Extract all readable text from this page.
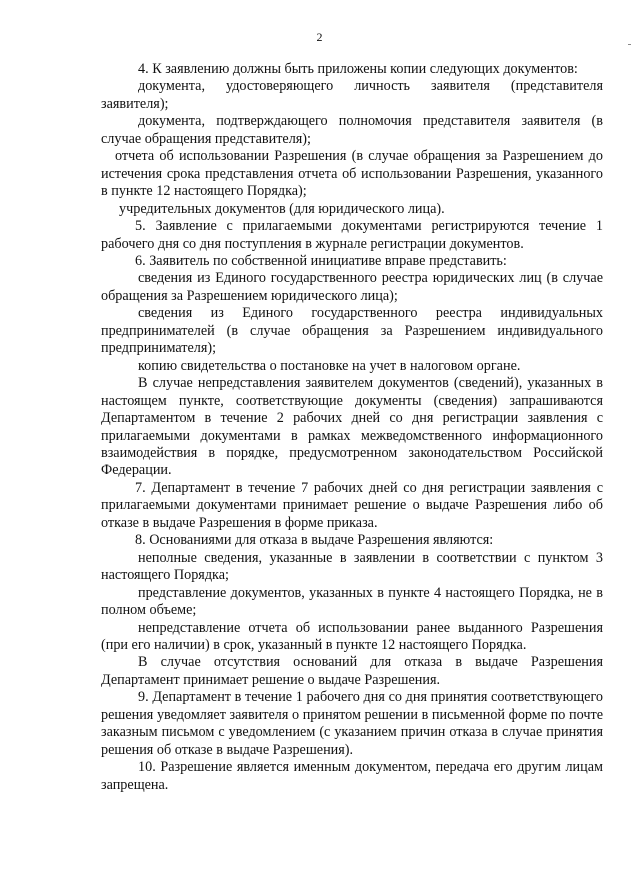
2

4. К заявлению должны быть приложены копии следующих документов:

документа, удостоверяющего личность заявителя (представителя заявителя);

документа, подтверждающего полномочия представителя заявителя (в случае обращения представителя);

отчета об использовании Разрешения (в случае обращения за Разрешением до истечения срока представления отчета об использовании Разрешения, указанного в пункте 12 настоящего Порядка);

учредительных документов (для юридического лица).

5. Заявление с прилагаемыми документами регистрируются течение 1 рабочего дня со дня поступления в журнале регистрации документов.

6. Заявитель по собственной инициативе вправе представить:

сведения из Единого государственного реестра юридических лиц (в случае обращения за Разрешением юридического лица);

сведения из Единого государственного реестра индивидуальных предпринимателей (в случае обращения за Разрешением индивидуального предпринимателя);

копию свидетельства о постановке на учет в налоговом органе.

В случае непредставления заявителем документов (сведений), указанных в настоящем пункте, соответствующие документы (сведения) запрашиваются Департаментом в течение 2 рабочих дней со дня регистрации заявления с прилагаемыми документами в рамках межведомственного информационного взаимодействия в порядке, предусмотренном законодательством Российской Федерации.

7. Департамент в течение 7 рабочих дней со дня регистрации заявления с прилагаемыми документами принимает решение о выдаче Разрешения либо об отказе в выдаче Разрешения в форме приказа.

8. Основаниями для отказа в выдаче Разрешения являются:

неполные сведения, указанные в заявлении в соответствии с пунктом 3 настоящего Порядка;

представление документов, указанных в пункте 4 настоящего Порядка, не в полном объеме;

непредставление отчета об использовании ранее выданного Разрешения (при его наличии) в срок, указанный в пункте 12 настоящего Порядка.

В случае отсутствия оснований для отказа в выдаче Разрешения Департамент принимает решение о выдаче Разрешения.

9. Департамент в течение 1 рабочего дня со дня принятия соответствующего решения уведомляет заявителя о принятом решении в письменной форме по почте заказным письмом с уведомлением (с указанием причин отказа в случае принятия решения об отказе в выдаче Разрешения).

10. Разрешение является именным документом, передача его другим лицам запрещена.
